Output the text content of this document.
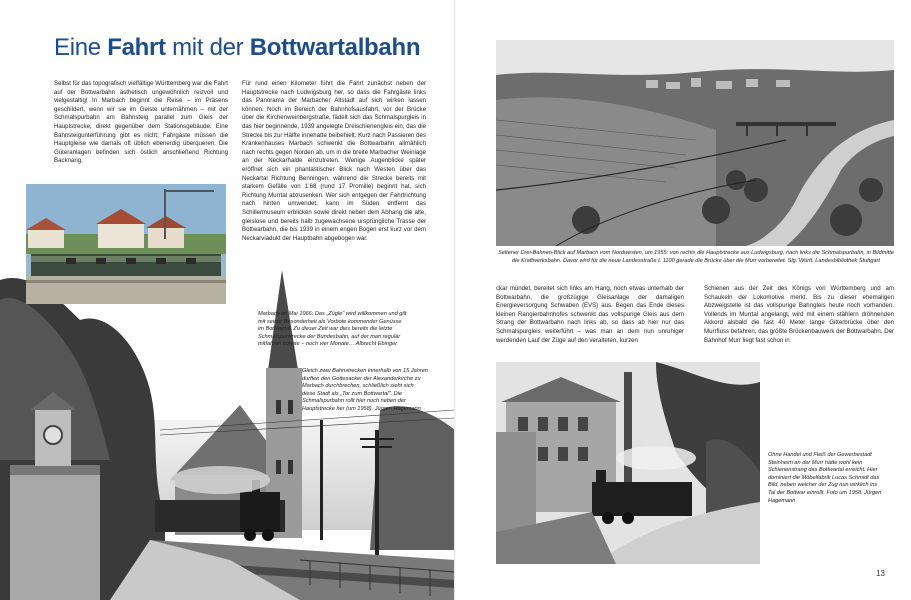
Eine Fahrt mit der Bottwartalbahn
Selbst für das topografisch vielfältige Württemberg war die Fahrt auf der Bottwarbahn ästhetisch ungewöhnlich reizvoll und vielgestaltig! In Marbach beginnt die Reise – im Präsens geschildert, wenn wir sie im Geiste unternähmen – mit der Schmalspurbahn am Bahnsteig parallel zum Gleis der Hauptstrecke, direkt gegenüber dem Stationsgebäude. Eine Bahnsteigunterführung gibt es nicht; Fahrgäste müssen die Hauptgleise wie damals oft üblich ebenerdig überqueren. Die Güteranlagen befinden sich östlich anschließend Richtung Backnang.
Für rund einen Kilometer führt die Fahrt zunächst neben der Hauptstrecke nach Ludwigsburg her, so dass die Fahrgäste links das Panorama der Marbacher Altstadt auf sich wirken lassen können. Noch im Bereich der Bahnhofsausfahrt, vor der Brücke über die Kirchenweinbergstraße, fädelt sich das Schmalspurgleis in das hier beginnende, 1939 angelegte Dreischienengleis ein, das die Strecke bis zur Hälfte innehatte beibehielt. Kurz nach Passieren des Krankenhauses Marbach schwenkt die Bottwarbahn allmählich nach rechts gegen Norden ab, um in die breite Marbacher Weinlage an der Neckarhalde einzutreten. Wenige Augenblicke später eröffnet sich ein phantastischer Blick nach Westen über das Neckartal Richtung Benningen, während die Strecke bereits mit starkem Gefälle von 1:68 (rund 17 Promille) beginnt hat, sich Richtung Murrtal abzusenken. Wer sich entgegen der Fahrtrichtung nach hinten umwendet, kann im Süden entfernt das Schillermuseum erblicken sowie direkt neben dem Abhang die alte, gleislose und bereits halb zugewachsene ursprüngliche Trasse der Bottwarbahn, die bis 1939 in einem engen Bogen erst kurz vor dem Neckarviadukt der Hauptbahn abgebogen war.
Marbach im Mai 1966: Das „Zügle" wird willkommen und gilt mit seiner Besonderheit als Vorbote kommender Genüsse im Bottwartal. Zu dieser Zeit war dies bereits die letzte Schmalspurstrecke der Bundesbahn, auf der man regulär mitfahren konnte – noch vier Monate… Albrecht Ebinger
Gleich zwei Bahnstrecken innerhalb von 15 Jahren durften den Gottesacker der Alexanderkirche zu Marbach durchbrechen, schließlich sieht sich diese Stadt als „Tor zum Bottwartal". Die Schmalspurbahn rollt hier noch neben der Hauptstrecke her (um 1958). Jürgen Hagemann
Seltener Drei-Bahnen-Blick auf Marbach vom Nordwesten, um 1955: von rechts die Hauptstrecke aus Ludwigsburg, nach links die Schmalspurbahn, in Bildmitte die Kraftwerksbahn. Davor wird für die neue Landesstraße L 1100 gerade die Brücke über die Murr vorbereitet. Slg. Württ. Landesbibliothek Stuttgart
ckar mündet, bereitet sich links am Hang, noch etwas unterhalb der Bottwarbahn, die großzügige Gleisanlage der damaligen Energieversorgung Schwaben (EVS) aus. Begen das Ende dieses kleinen Rangierbahnhofes schwenkt das vollspurige Gleis aus dem Strang der Bottwarbahn nach links ab, so dass ab hier nur das Schmalspurgleis weiterführt – was man an dem nun unruhiger werdenden Lauf der Züge auf den veralteten, kurzen
Schienen aus der Zeit des Königs von Württemberg und am Schaukeln der Lokomotive merkt. Bis zu dieser ehemaligen Abzweigstelle ist das vollspurige Bahngleis heute noch vorhanden. Vollends im Murrtal angelangt, wird mit einem stählern dröhnenden Akkord alsbald die fast 40 Meter lange Gitterbrücke über den Murrfluss befahren, das größte Brückenbauwerk der Bottwarbahn. Der Bahnhof Murr liegt fast schon in
Ohne Handel und Fleiß der Gewerbestadt Steinheim an der Murr hätte wohl kein Schienenstrang das Bottwartal erreicht. Hier dominiert die Möbelfabrik Lucas Schmidt das Bild, neben welcher der Zug nun wirklich ins Tal der Bottwar einrollt. Foto um 1958. Jürgen Hagemann
13
